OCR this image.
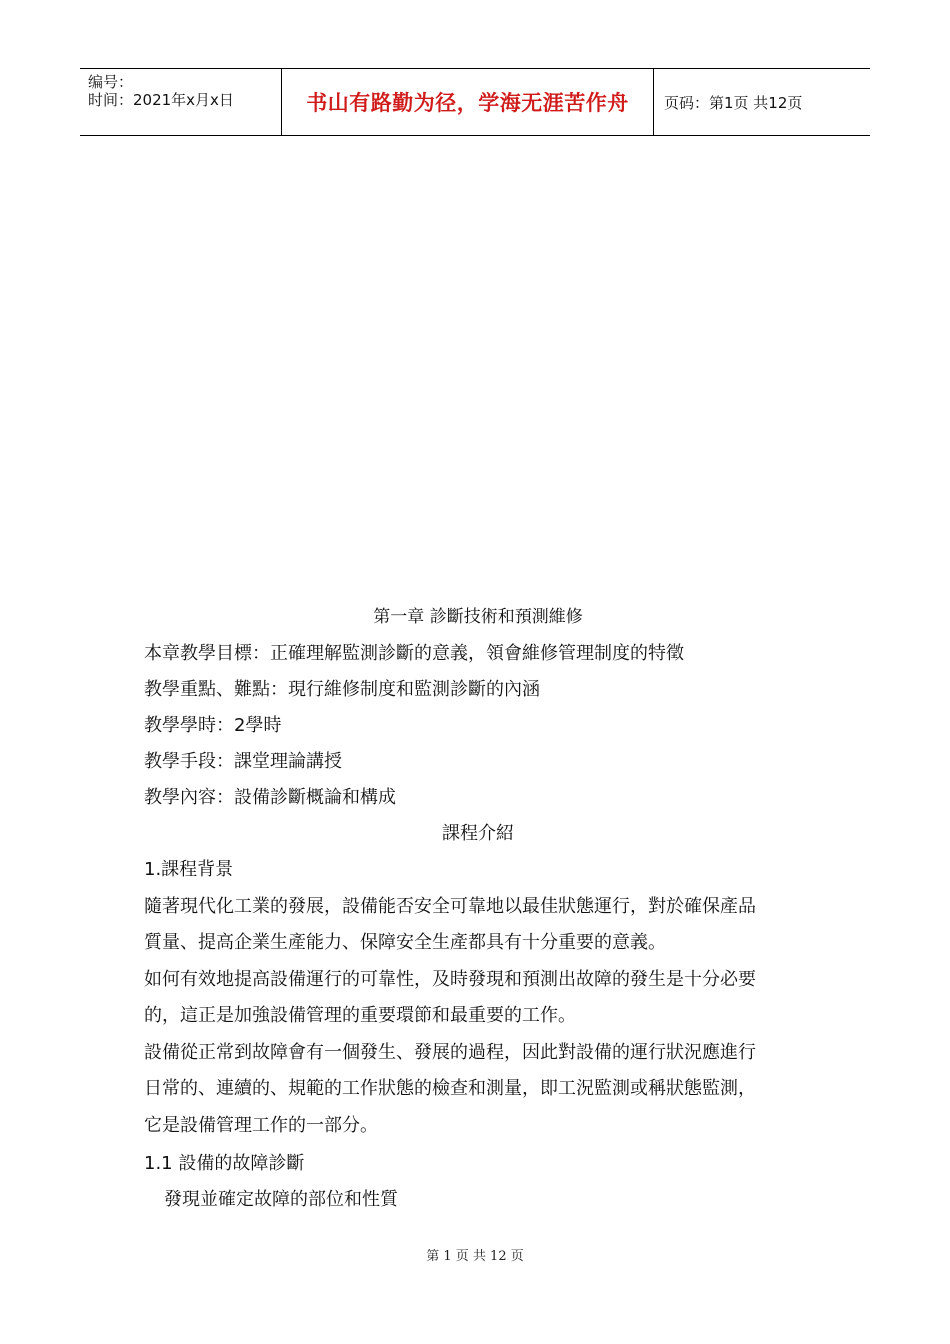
编号：
时间：2021年x月x日	书山有路勤为径，学海无涯苦作舟 页码：第1页 共12页
第一章 診斷技術和預測維修
本章教學目標：正確理解監測診斷的意義，領會維修管理制度的特徵
教學重點、難點：現行維修制度和監測診斷的內涵
教學學時：2學時
教學手段：課堂理論講授
教學內容：設備診斷概論和構成
課程介紹
1.課程背景
隨著現代化工業的發展，設備能否安全可靠地以最佳狀態運行，對於確保產品
質量、提高企業生產能力、保障安全生產都具有十分重要的意義。
如何有效地提高設備運行的可靠性，及時發現和預測出故障的發生是十分必要
的，這正是加強設備管理的重要環節和最重要的工作。
設備從正常到故障會有一個發生、發展的過程，因此對設備的運行狀況應進行
日常的、連續的、規範的工作狀態的檢查和測量，即工況監測或稱狀態監測，
它是設備管理工作的一部分。
1.1 設備的故障診斷
發現並確定故障的部位和性質
第 1 页 共 12 页
